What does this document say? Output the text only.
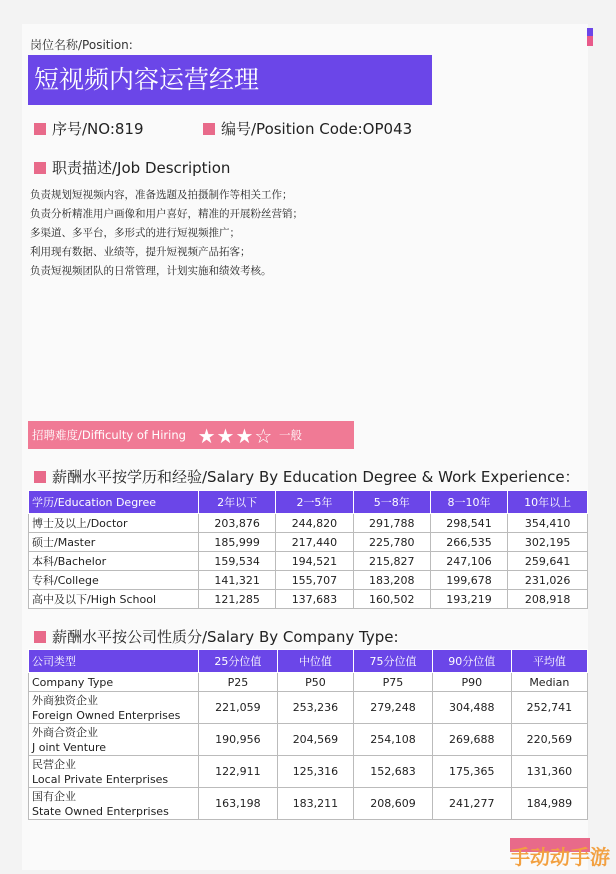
岗位名称/Position:
短视频内容运营经理
序号/NO:819	编号/Position Code:OP043
职责描述/Job Description
负责规划短视频内容，准备选题及拍摄制作等相关工作；
负责分析精准用户画像和用户喜好，精准的开展粉丝营销；
多渠道、多平台，多形式的进行短视频推广；
利用现有数据、业绩等，提升短视频产品拓客；
负责短视频团队的日常管理，计划实施和绩效考核。
招聘难度/Difficulty of Hiring ★★★☆ 一般
薪酬水平按学历和经验/Salary By Education Degree & Work Experience：
学历/Education Degree	2年以下	2一5年	5一8年	8一10年	10年以上
博士及以上/Doctor	203,876	244,820	291,788	298,541	354,410
硕士/Master	185,999	217,440	225,780	266,535	302,195
本科/Bachelor	159,534	194,521	215,827	247,106	259,641
专科/College	141,321	155,707	183,208	199,678	231,026
高中及以下/High School	121,285	137,683	160,502	193,219	208,918
薪酬水平按公司性质分/Salary By Company Type:
公司类型	25分位值	中位值	75分位值	90分位值	平均值
Company Type	P25	P50	P75	P90	Median

外商独资企业
Foreign Owned Enterprises	221,059	253,236	279,248	304,488	252,741

外商合资企业
J oint Venture	190,956	204,569	254,108	269,688	220,569

民营企业
Local Private Enterprises	122,911	125,316	152,683	175,365	131,360

国有企业
State Owned Enterprises	163,198	183,211	208,609	241,277	184,989
手动动手游
